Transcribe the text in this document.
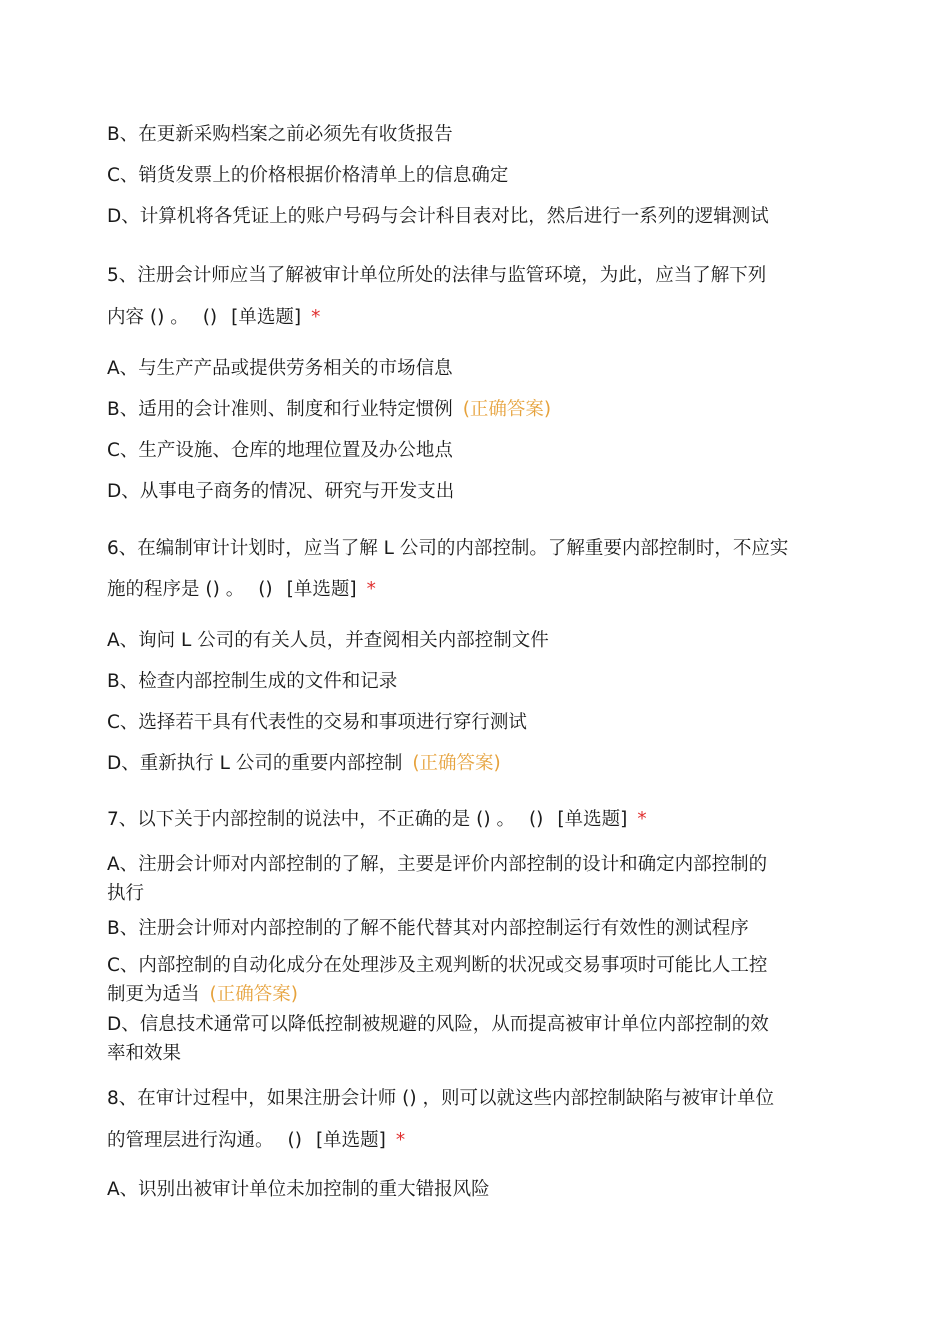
B、在更新采购档案之前必须先有收货报告
C、销货发票上的价格根据价格清单上的信息确定
D、计算机将各凭证上的账户号码与会计科目表对比，然后进行一系列的逻辑测试
5、注册会计师应当了解被审计单位所处的法律与监管环境，为此，应当了解下列
内容 () 。 () [单选题] *
A、与生产产品或提供劳务相关的市场信息
B、适用的会计准则、制度和行业特定惯例 (正确答案)
C、生产设施、仓库的地理位置及办公地点
D、从事电子商务的情况、研究与开发支出
6、在编制审计计划时，应当了解 L 公司的内部控制。了解重要内部控制时，不应实
施的程序是 () 。 () [单选题] *
A、询问 L 公司的有关人员，并查阅相关内部控制文件
B、检查内部控制生成的文件和记录
C、选择若干具有代表性的交易和事项进行穿行测试
D、重新执行 L 公司的重要内部控制 (正确答案)
7、以下关于内部控制的说法中，不正确的是 () 。 () [单选题] *
A、注册会计师对内部控制的了解，主要是评价内部控制的设计和确定内部控制的
执行
B、注册会计师对内部控制的了解不能代替其对内部控制运行有效性的测试程序
C、内部控制的自动化成分在处理涉及主观判断的状况或交易事项时可能比人工控
制更为适当 (正确答案)
D、信息技术通常可以降低控制被规避的风险，从而提高被审计单位内部控制的效
率和效果
8、在审计过程中，如果注册会计师 () ，则可以就这些内部控制缺陷与被审计单位
的管理层进行沟通。 () [单选题] *
A、识别出被审计单位未加控制的重大错报风险
